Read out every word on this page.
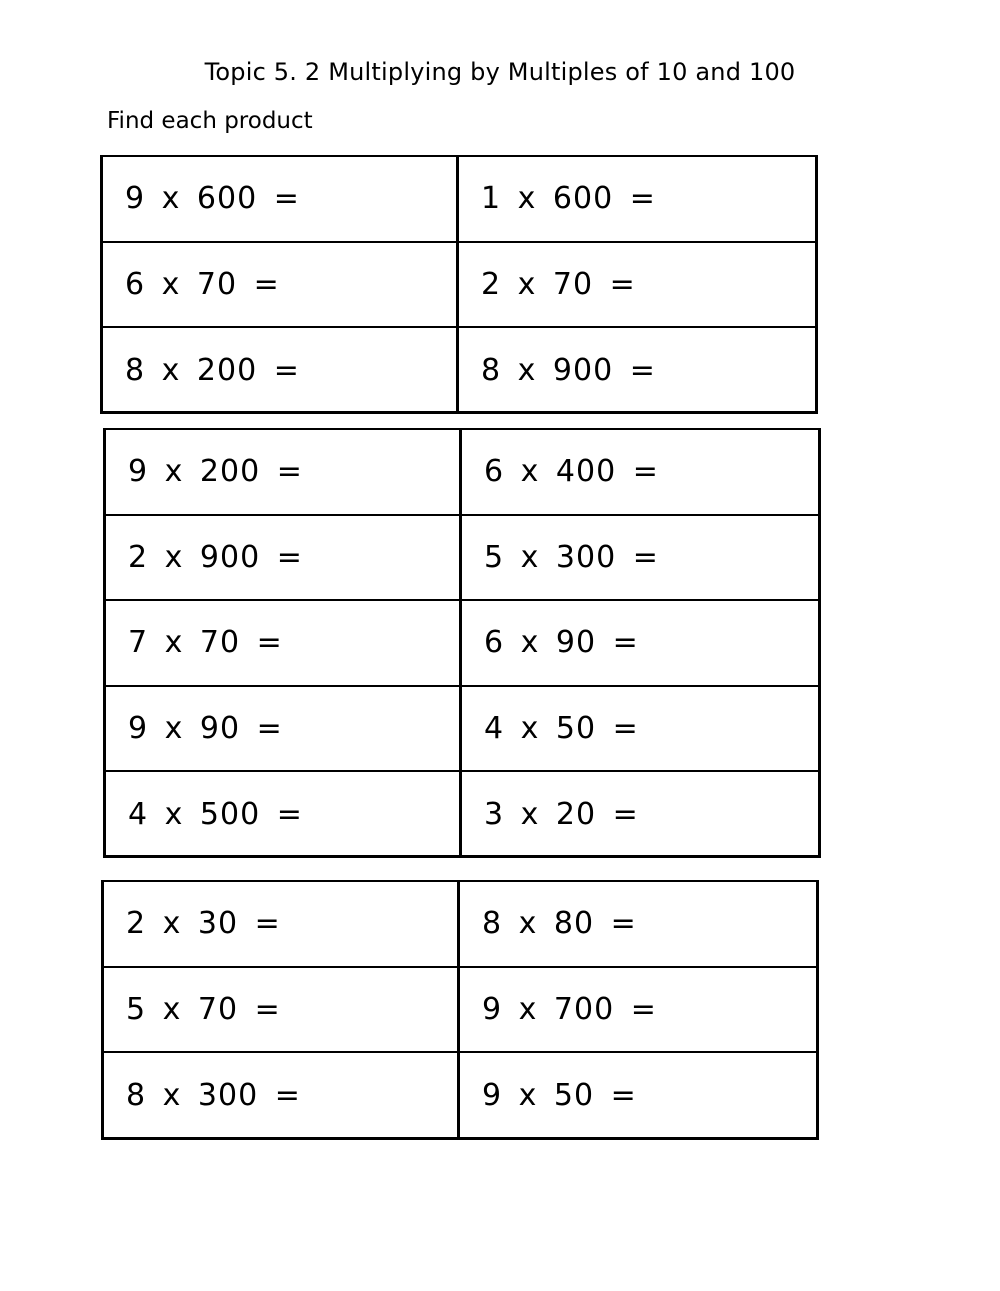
Topic 5. 2 Multiplying by Multiples of 10 and 100
Find each product
9 x 600 =	1 x 600 =
6 x 70 =	2 x 70 =
8 x 200 =	8 x 900 =
9 x 200 =	6 x 400 =
2 x 900 =	5 x 300 =
7 x 70 =	6 x 90 =
9 x 90 =	4 x 50 =
4 x 500 =	3 x 20 =
2 x 30 =	8 x 80 =
5 x 70 =	9 x 700 =
8 x 300 =	9 x 50 =
